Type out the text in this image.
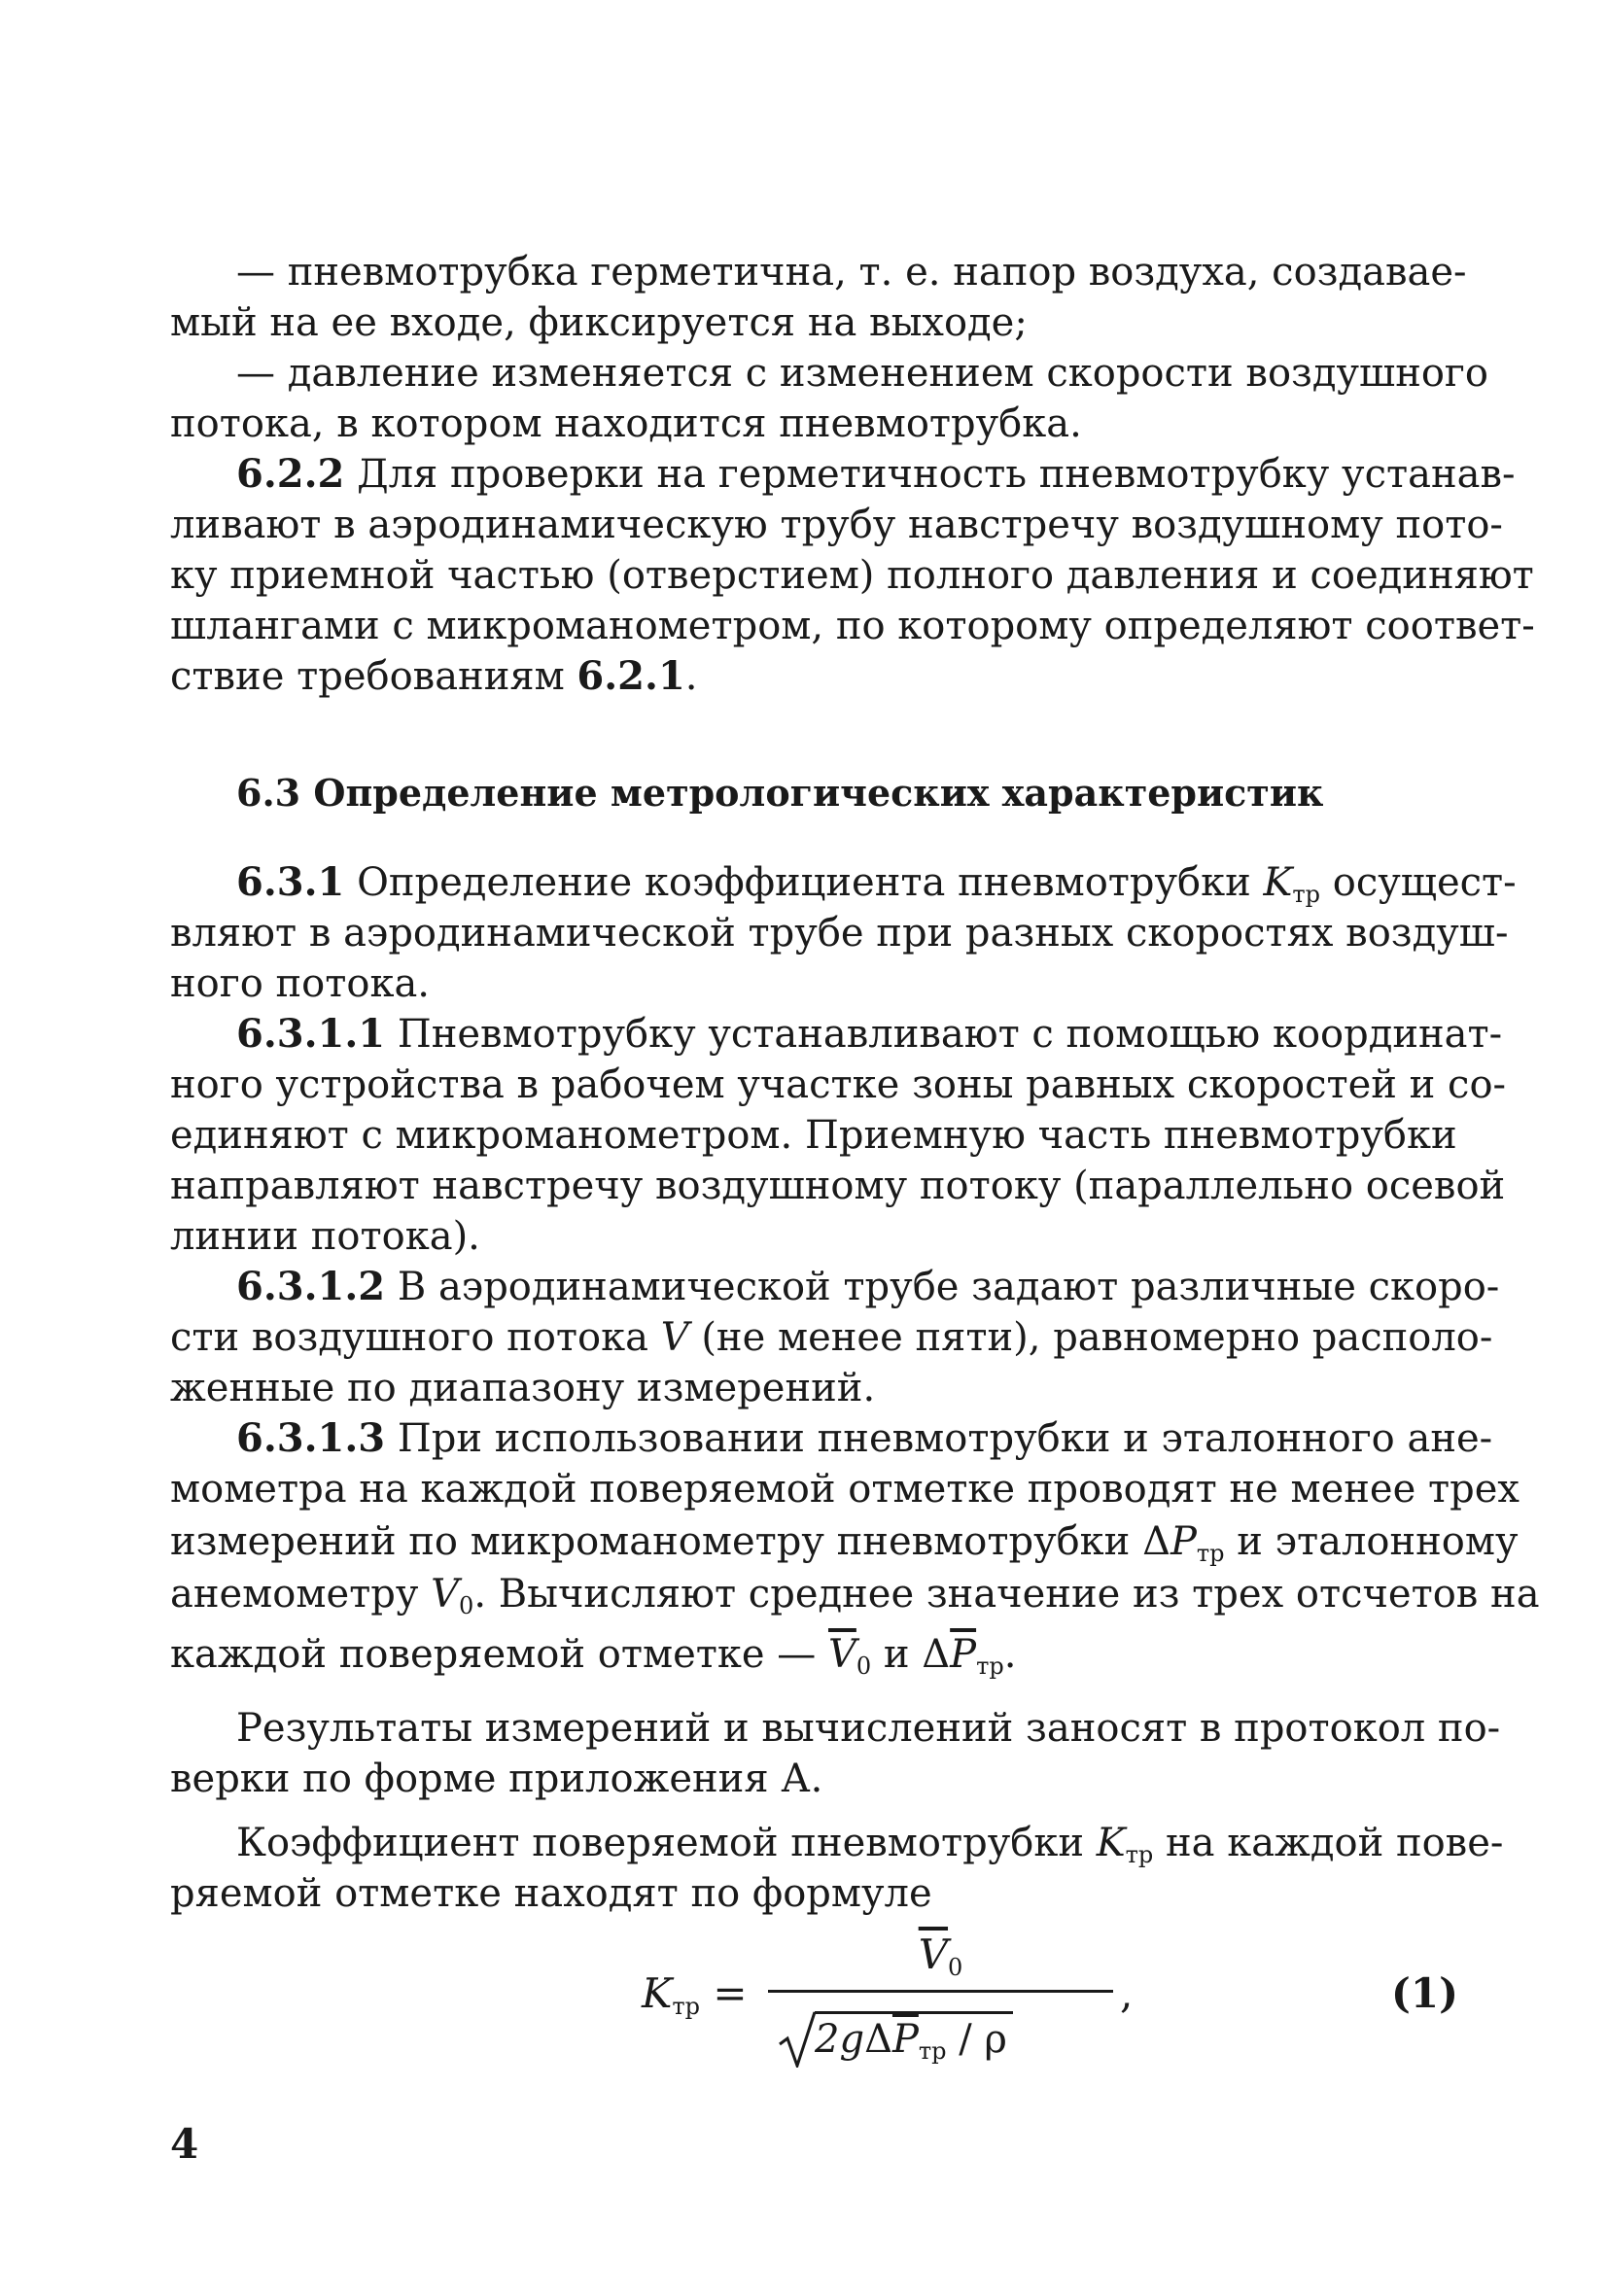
— пневмотрубка герметична, т. е. напор воздуха, создавае-
мый на ее входе, фиксируется на выходе;
— давление изменяется с изменением скорости воздушного
потока, в котором находится пневмотрубка.
6.2.2 Для проверки на герметичность пневмотрубку устанав-
ливают в аэродинамическую трубу навстречу воздушному пото-
ку приемной частью (отверстием) полного давления и соединяют
шлангами с микроманометром, по которому определяют соответ-
ствие требованиям 6.2.1.
6.3 Определение метрологических характеристик
6.3.1 Определение коэффициента пневмотрубки $K_{тр}$ осущест-
вляют в аэродинамической трубе при разных скоростях воздуш-
ного потока.
6.3.1.1 Пневмотрубку устанавливают с помощью координат-
ного устройства в рабочем участке зоны равных скоростей и со-
единяют с микроманометром. Приемную часть пневмотрубки
направляют навстречу воздушному потоку (параллельно осевой
линии потока).
6.3.1.2 В аэродинамической трубе задают различные скоро-
сти воздушного потока V (не менее пяти), равномерно располо-
женные по диапазону измерений.
6.3.1.3 При использовании пневмотрубки и эталонного ане-
мометра на каждой поверяемой отметке проводят не менее трех
измерений по микроманометру пневмотрубки $\Delta P_{тр}$ и эталонному
анемометру $V_0$. Вычисляют среднее значение из трех отсчетов на
каждой поверяемой отметке — $\overline{V}_0$ и $\Delta\overline{P}_{тр}$.
Результаты измерений и вычислений заносят в протокол по-
верки по форме приложения А.
Коэффициент поверяемой пневмотрубки $K_{тр}$ на каждой пове-
ряемой отметке находят по формуле
$K_{тр}$ =
$\overline{V}_0$
$2g\Delta\overline{P}_{тр}$ / ρ
,	(1)
4
